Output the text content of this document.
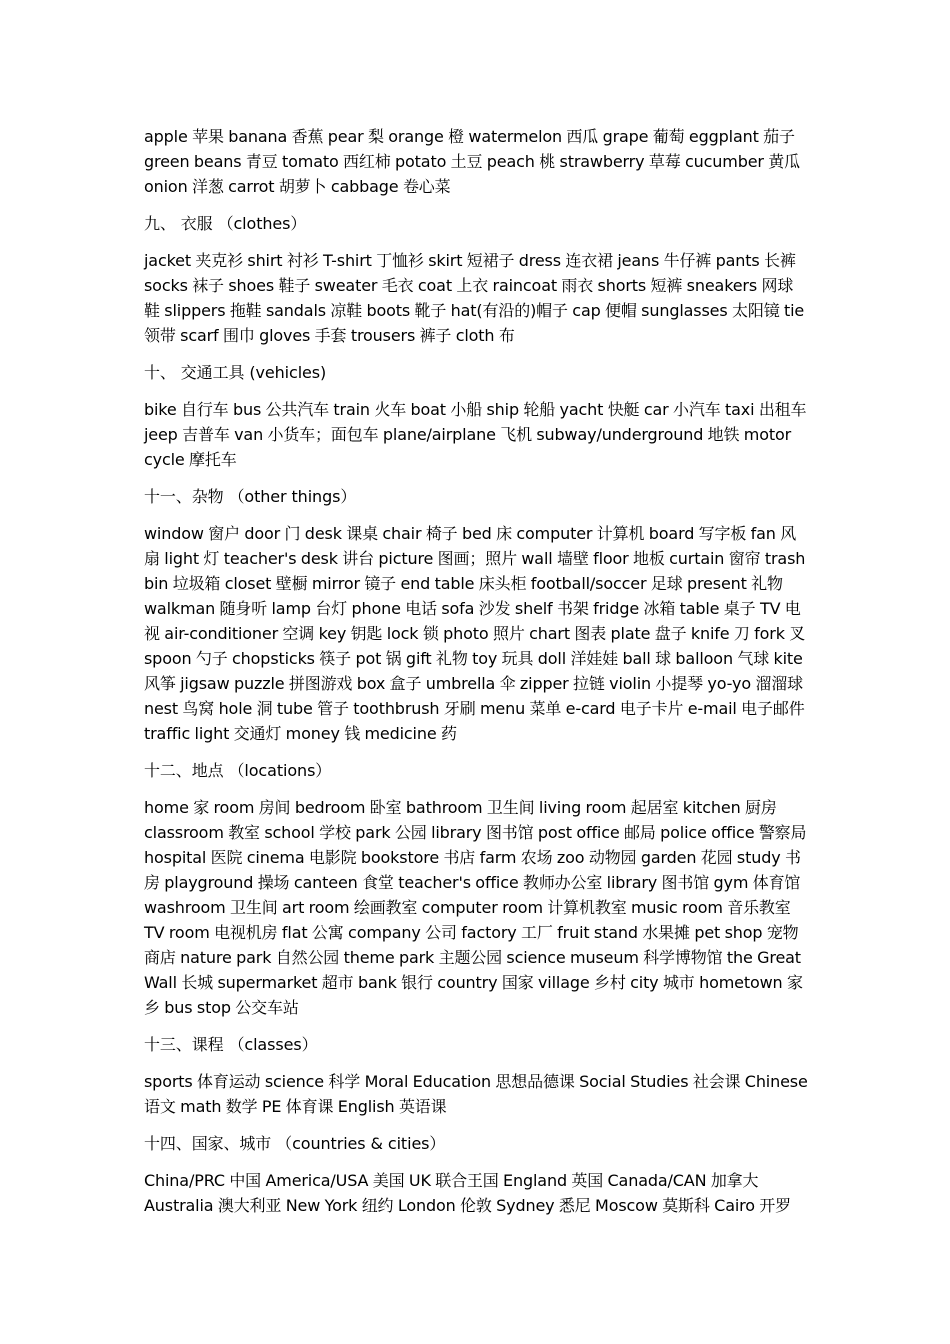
apple 苹果 banana 香蕉 pear 梨 orange 橙 watermelon 西瓜 grape 葡萄 eggplant 茄子 green beans 青豆 tomato 西红柿 potato 土豆 peach 桃 strawberry 草莓 cucumber 黄瓜 onion 洋葱 carrot 胡萝卜 cabbage 卷心菜

九、 衣服 （clothes）

jacket 夹克衫 shirt 衬衫 T-shirt 丁恤衫 skirt 短裙子 dress 连衣裙 jeans 牛仔裤 pants 长裤 socks 袜子 shoes 鞋子 sweater 毛衣 coat 上衣 raincoat 雨衣 shorts 短裤 sneakers 网球鞋 slippers 拖鞋 sandals 凉鞋 boots 靴子 hat(有沿的)帽子 cap 便帽 sunglasses 太阳镜 tie 领带 scarf 围巾 gloves 手套 trousers 裤子 cloth 布

十、 交通工具 (vehicles)

bike 自行车 bus 公共汽车 train 火车 boat 小船 ship 轮船 yacht 快艇 car 小汽车 taxi 出租车 jeep 吉普车 van 小货车；面包车 plane/airplane 飞机 subway/underground 地铁 motor cycle 摩托车

十一、杂物 （other things）

window 窗户 door 门 desk 课桌 chair 椅子 bed 床 computer 计算机 board 写字板 fan 风扇 light 灯 teacher's desk 讲台 picture 图画；照片 wall 墙壁 floor 地板 curtain 窗帘 trash bin 垃圾箱 closet 壁橱 mirror 镜子 end table 床头柜 football/soccer 足球 present 礼物 walkman 随身听 lamp 台灯 phone 电话 sofa 沙发 shelf 书架 fridge 冰箱 table 桌子 TV 电视 air-conditioner 空调 key 钥匙 lock 锁 photo 照片 chart 图表 plate 盘子 knife 刀 fork 叉 spoon 勺子 chopsticks 筷子 pot 锅 gift 礼物 toy 玩具 doll 洋娃娃 ball 球 balloon 气球 kite 风筝 jigsaw puzzle 拼图游戏 box 盒子 umbrella 伞 zipper 拉链 violin 小提琴 yo-yo 溜溜球 nest 鸟窝 hole 洞 tube 管子 toothbrush 牙刷 menu 菜单 e-card 电子卡片 e-mail 电子邮件 traffic light 交通灯 money 钱 medicine 药

十二、地点 （locations）

home 家 room 房间 bedroom 卧室 bathroom 卫生间 living room 起居室 kitchen 厨房 classroom 教室 school 学校 park 公园 library 图书馆 post office 邮局 police office 警察局 hospital 医院 cinema 电影院 bookstore 书店 farm 农场 zoo 动物园 garden 花园 study 书房 playground 操场 canteen 食堂 teacher's office 教师办公室 library 图书馆 gym 体育馆 washroom 卫生间 art room 绘画教室 computer room 计算机教室 music room 音乐教室 TV room 电视机房 flat 公寓 company 公司 factory 工厂 fruit stand 水果摊 pet shop 宠物商店 nature park 自然公园 theme park 主题公园 science museum 科学博物馆 the Great Wall 长城 supermarket 超市 bank 银行 country 国家 village 乡村 city 城市 hometown 家乡 bus stop 公交车站

十三、课程 （classes）

sports 体育运动 science 科学 Moral Education 思想品德课 Social Studies 社会课 Chinese 语文 math 数学 PE 体育课 English 英语课

十四、国家、城市 （countries & cities）

China/PRC 中国 America/USA 美国 UK 联合王国 England 英国 Canada/CAN 加拿大 Australia 澳大利亚 New York 纽约 London 伦敦 Sydney 悉尼 Moscow 莫斯科 Cairo 开罗
